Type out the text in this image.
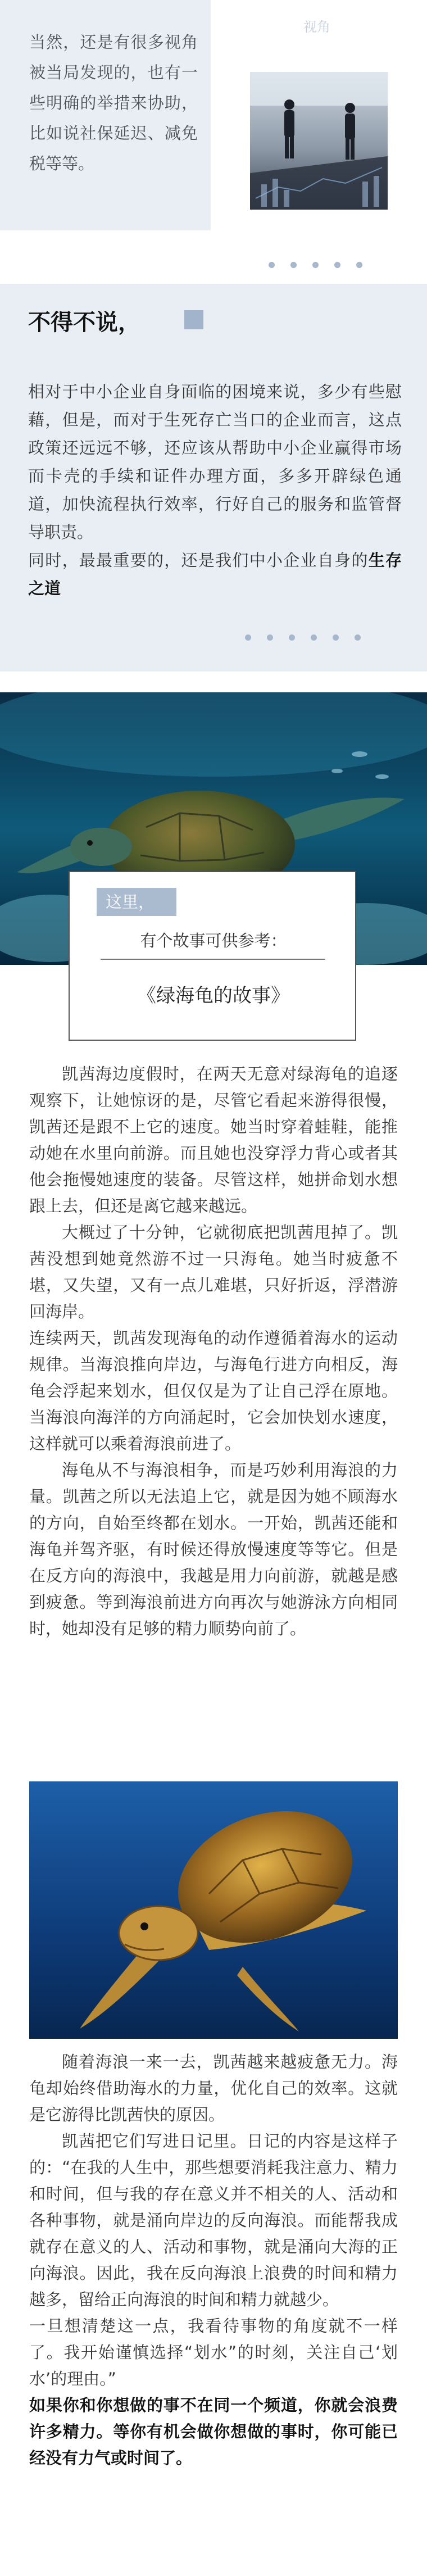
当然，还是有很多视角被当局发现的，也有一些明确的举措来协助，比如说社保延迟、减免税等等。

视角
不得不说，

相对于中小企业自身面临的困境来说，多少有些慰藉，但是，而对于生死存亡当口的企业而言，这点政策还远远不够，还应该从帮助中小企业赢得市场而卡壳的手续和证件办理方面，多多开辟绿色通道，加快流程执行效率，行好自己的服务和监管督导职责。

同时，最最重要的，还是我们中小企业自身的生存之道

这里，
有个故事可供参考：
《绿海龟的故事》

凯茜海边度假时，在两天无意对绿海龟的追逐观察下，让她惊讶的是，尽管它看起来游得很慢，凯茜还是跟不上它的速度。她当时穿着蛙鞋，能推动她在水里向前游。而且她也没穿浮力背心或者其他会拖慢她速度的装备。尽管这样，她拼命划水想跟上去，但还是离它越来越远。

大概过了十分钟，它就彻底把凯茜甩掉了。凯茜没想到她竟然游不过一只海龟。她当时疲惫不堪，又失望，又有一点儿难堪，只好折返，浮潜游回海岸。

连续两天，凯茜发现海龟的动作遵循着海水的运动规律。当海浪推向岸边，与海龟行进方向相反，海龟会浮起来划水，但仅仅是为了让自己浮在原地。当海浪向海洋的方向涌起时，它会加快划水速度，这样就可以乘着海浪前进了。

海龟从不与海浪相争，而是巧妙利用海浪的力量。凯茜之所以无法追上它，就是因为她不顾海水的方向，自始至终都在划水。一开始，凯茜还能和海龟并驾齐驱，有时候还得放慢速度等等它。但是在反方向的海浪中，我越是用力向前游，就越是感到疲惫。等到海浪前进方向再次与她游泳方向相同时，她却没有足够的精力顺势向前了。

随着海浪一来一去，凯茜越来越疲惫无力。海龟却始终借助海水的力量，优化自己的效率。这就是它游得比凯茜快的原因。

凯茜把它们写进日记里。日记的内容是这样子的：“在我的人生中，那些想要消耗我注意力、精力和时间，但与我的存在意义并不相关的人、活动和各种事物，就是涌向岸边的反向海浪。而能帮我成就存在意义的人、活动和事物，就是涌向大海的正向海浪。因此，我在反向海浪上浪费的时间和精力越多，留给正向海浪的时间和精力就越少。

一旦想清楚这一点，我看待事物的角度就不一样了。我开始谨慎选择“划水”的时刻，关注自己‘划水’的理由。”

如果你和你想做的事不在同一个频道，你就会浪费许多精力。等你有机会做你想做的事时，你可能已经没有力气或时间了。
